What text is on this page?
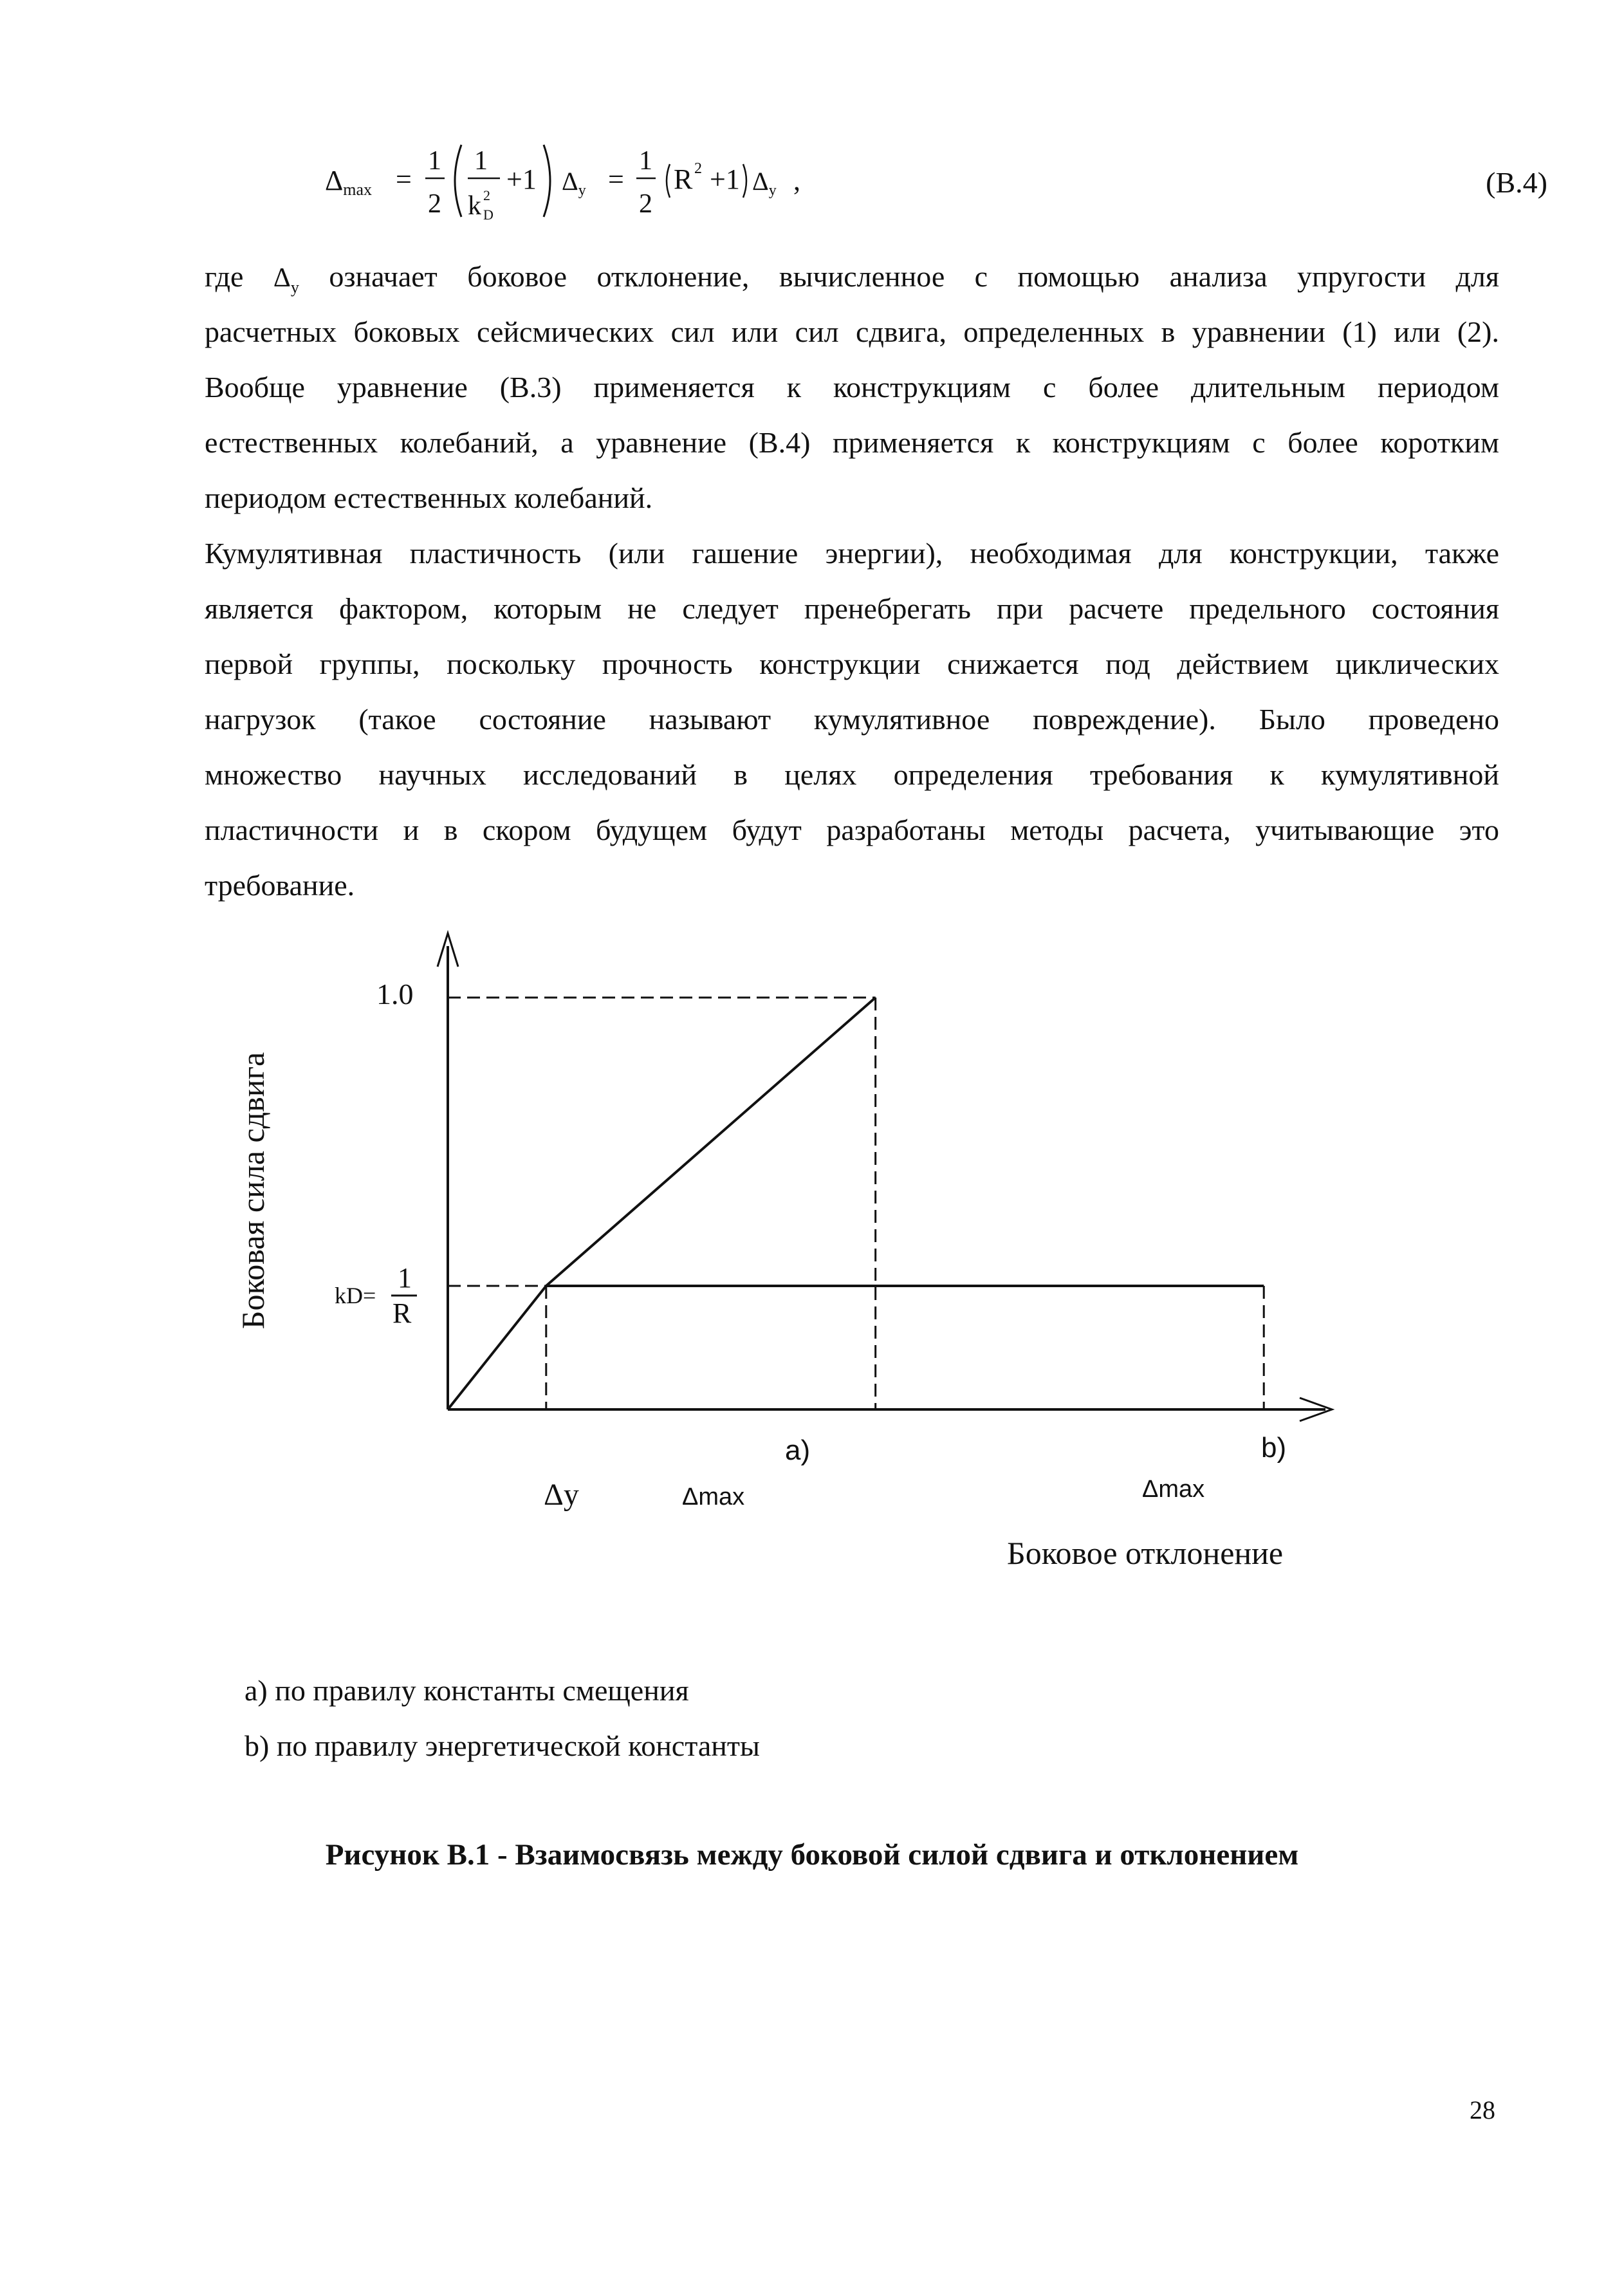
Δmax =
1
2
1
k 2
D
+1 $\Delta_y$ =
1
2
R 2 +1 $\Delta_y$ ,	(B.4)
где $\Delta_y$ означает боковое отклонение, вычисленное с помощью анализа упругости для
расчетных боковых сейсмических сил или сил сдвига, определенных в уравнении (1) или (2).
Вообще уравнение (В.3) применяется к конструкциям с более длительным периодом
естественных колебаний, а уравнение (В.4) применяется к конструкциям с более коротким
периодом естественных колебаний.
Кумулятивная пластичность (или гашение энергии), необходимая для конструкции, также
является фактором, которым не следует пренебрегать при расчете предельного состояния
первой группы, поскольку прочность конструкции снижается под действием циклических
нагрузок (такое состояние называют кумулятивное повреждение). Было проведено
множество научных исследований в целях определения требования к кумулятивной
пластичности и в скором будущем будут разработаны методы расчета, учитывающие это
требование.
1.0
kD=
1
R
Боковая сила сдвига
a)	b)
Δy	Δmax	Δmax
Боковое отклонение
a) по правилу константы смещения
b) по правилу энергетической константы
Рисунок В.1 - Взаимосвязь между боковой силой сдвига и отклонением
28
